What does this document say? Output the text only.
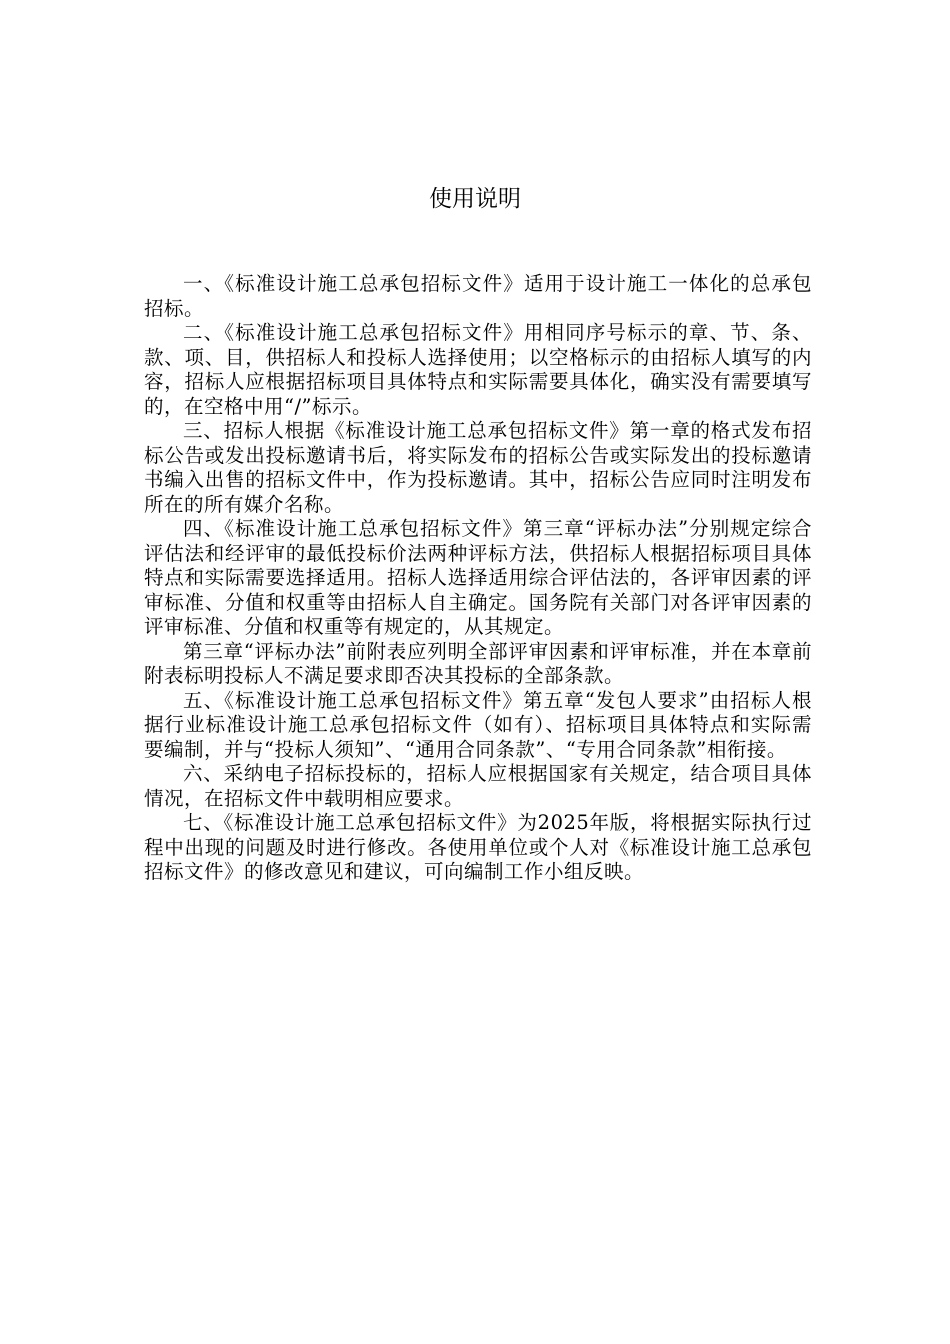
使用说明

一、《标准设计施工总承包招标文件》适用于设计施工一体化的总承包招标。

二、《标准设计施工总承包招标文件》用相同序号标示的章、节、条、款、项、目，供招标人和投标人选择使用；以空格标示的由招标人填写的内容，招标人应根据招标项目具体特点和实际需要具体化，确实没有需要填写的，在空格中用“/”标示。

三、招标人根据《标准设计施工总承包招标文件》第一章的格式发布招标公告或发出投标邀请书后，将实际发布的招标公告或实际发出的投标邀请书编入出售的招标文件中，作为投标邀请。其中，招标公告应同时注明发布所在的所有媒介名称。

四、《标准设计施工总承包招标文件》第三章“评标办法”分别规定综合评估法和经评审的最低投标价法两种评标方法，供招标人根据招标项目具体特点和实际需要选择适用。招标人选择适用综合评估法的，各评审因素的评审标准、分值和权重等由招标人自主确定。国务院有关部门对各评审因素的评审标准、分值和权重等有规定的，从其规定。

第三章“评标办法”前附表应列明全部评审因素和评审标准，并在本章前附表标明投标人不满足要求即否决其投标的全部条款。

五、《标准设计施工总承包招标文件》第五章“发包人要求”由招标人根据行业标准设计施工总承包招标文件（如有）、招标项目具体特点和实际需要编制，并与“投标人须知”、“通用合同条款”、“专用合同条款”相衔接。

六、采纳电子招标投标的，招标人应根据国家有关规定，结合项目具体情况，在招标文件中载明相应要求。

七、《标准设计施工总承包招标文件》为2025年版，将根据实际执行过程中出现的问题及时进行修改。各使用单位或个人对《标准设计施工总承包招标文件》的修改意见和建议，可向编制工作小组反映。
